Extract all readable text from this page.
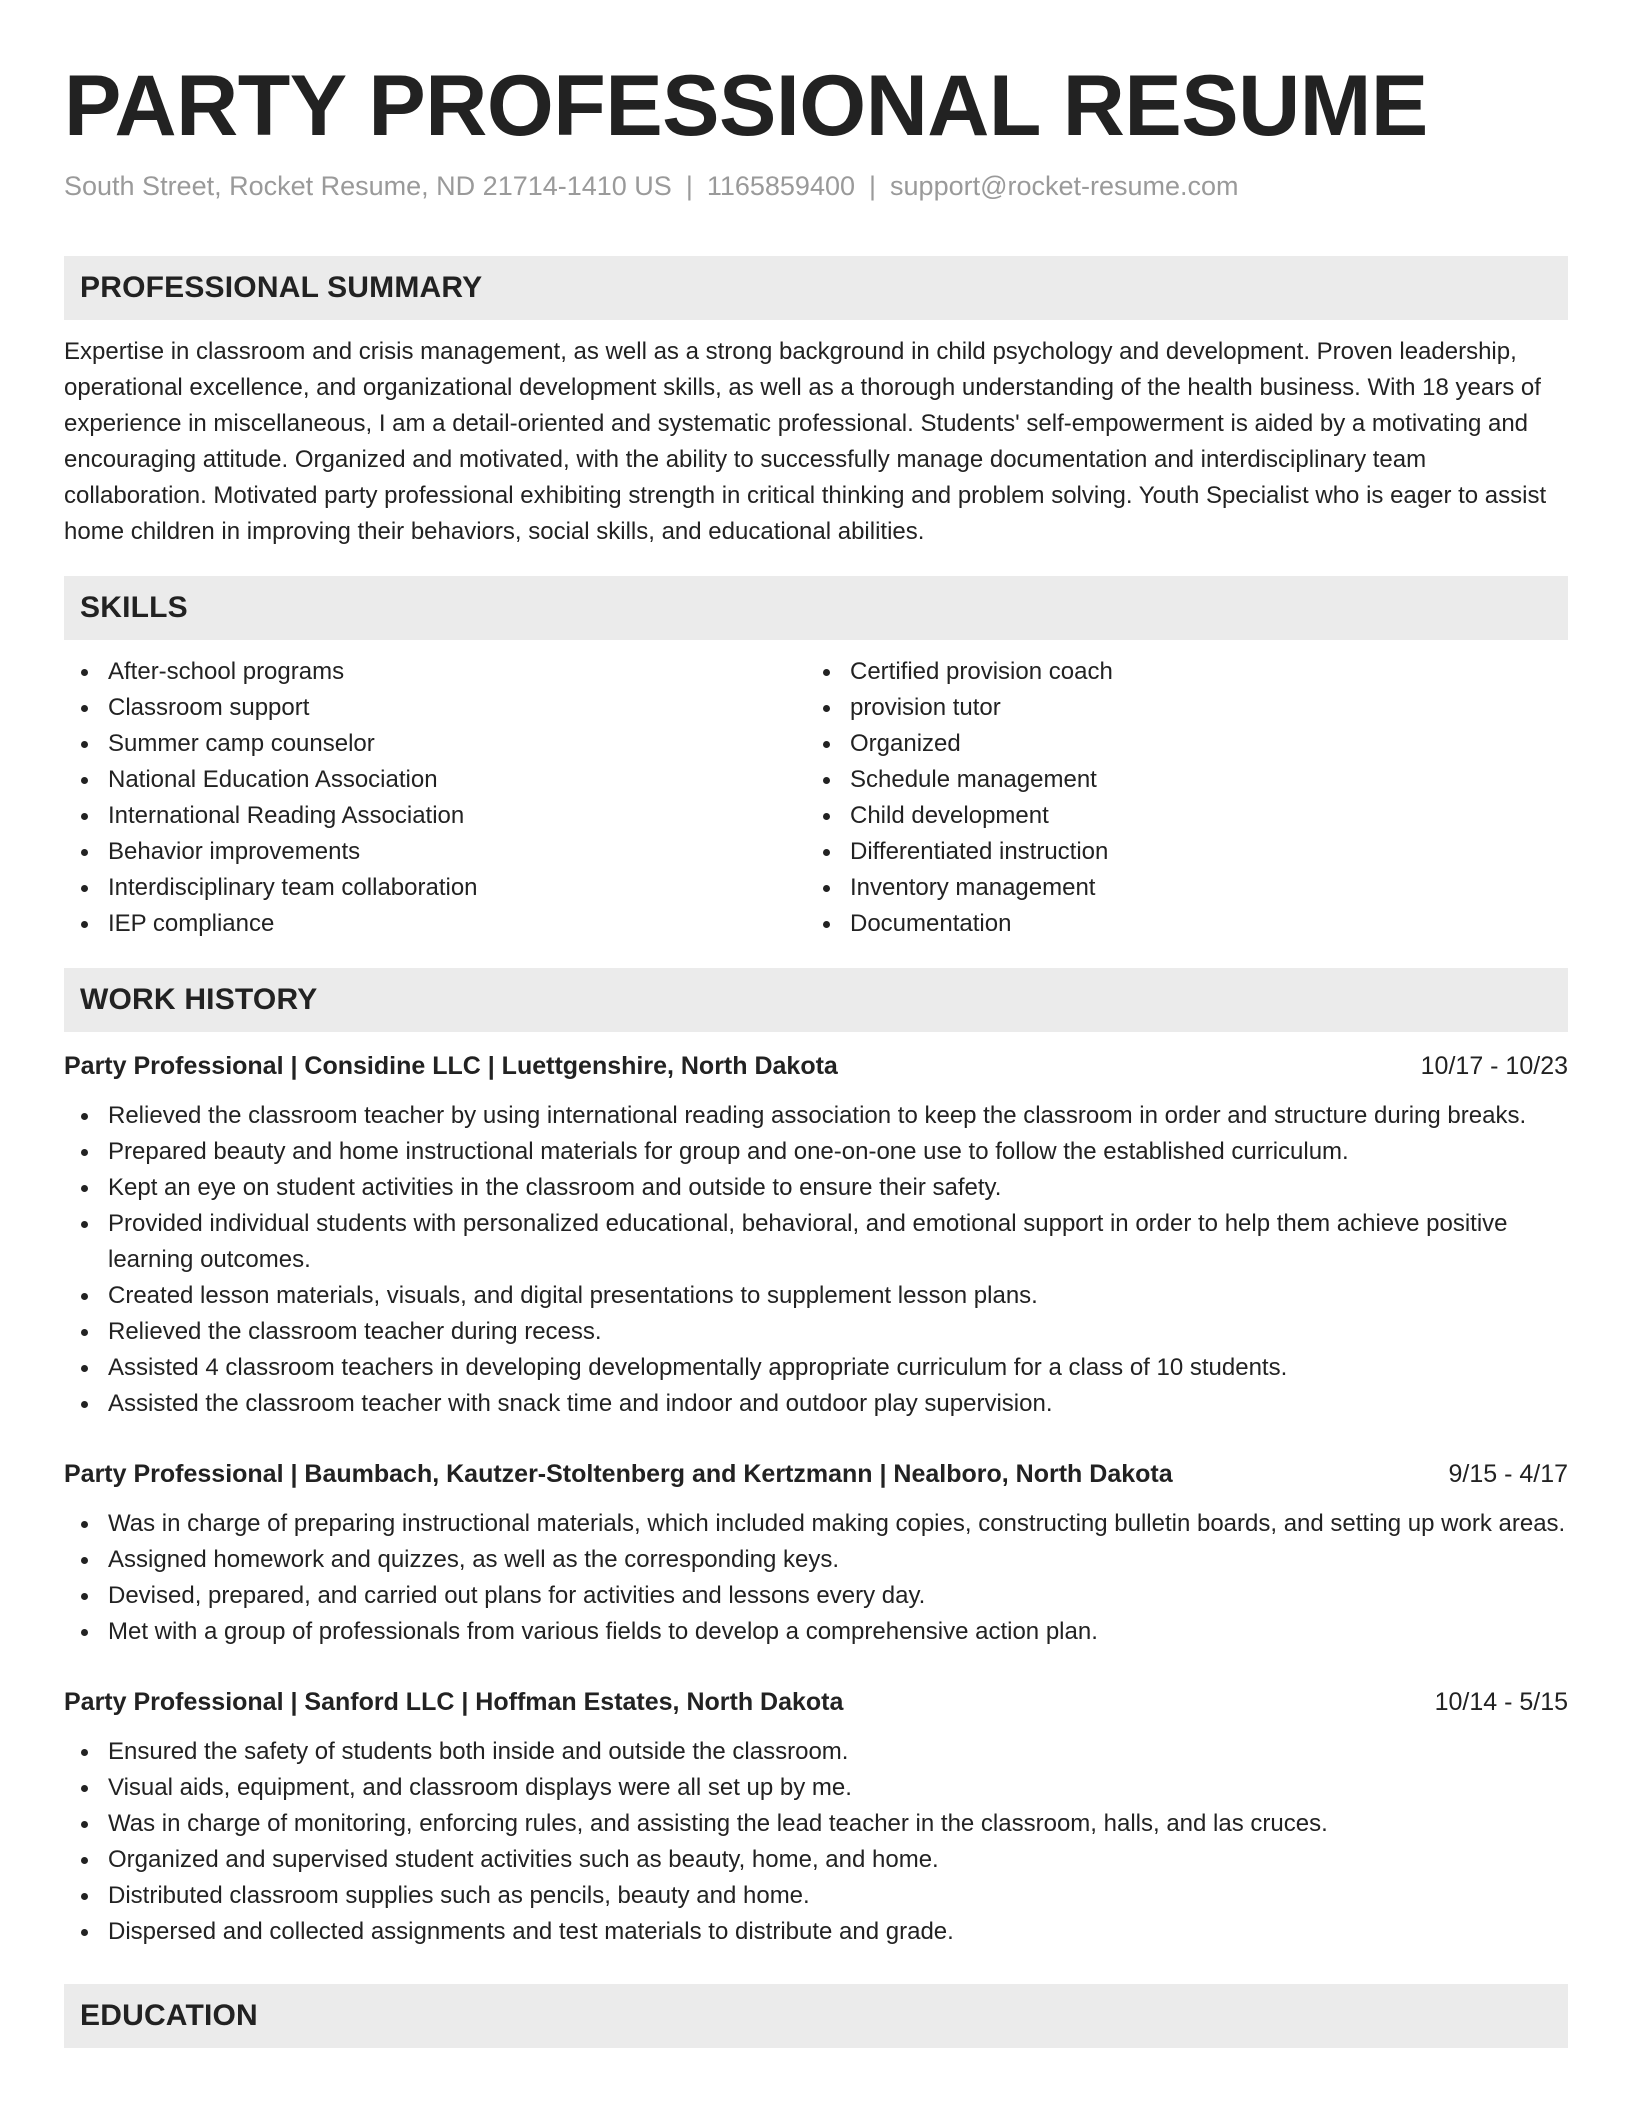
PARTY PROFESSIONAL RESUME
South Street, Rocket Resume, ND 21714-1410 US | 1165859400 | support@rocket-resume.com
PROFESSIONAL SUMMARY

Expertise in classroom and crisis management, as well as a strong background in child psychology and development. Proven leadership, operational excellence, and organizational development skills, as well as a thorough understanding of the health business. With 18 years of experience in miscellaneous, I am a detail-oriented and systematic professional. Students' self-empowerment is aided by a motivating and encouraging attitude. Organized and motivated, with the ability to successfully manage documentation and interdisciplinary team collaboration. Motivated party professional exhibiting strength in critical thinking and problem solving. Youth Specialist who is eager to assist home children in improving their behaviors, social skills, and educational abilities.

SKILLS
After-school programs
Classroom support
Summer camp counselor
National Education Association
International Reading Association
Behavior improvements
Interdisciplinary team collaboration
IEP compliance
Certified provision coach
provision tutor
Organized
Schedule management
Child development
Differentiated instruction
Inventory management
Documentation
WORK HISTORY
Party Professional | Considine LLC | Luettgenshire, North Dakota	10/17 - 10/23
Relieved the classroom teacher by using international reading association to keep the classroom in order and structure during breaks.
Prepared beauty and home instructional materials for group and one-on-one use to follow the established curriculum.
Kept an eye on student activities in the classroom and outside to ensure their safety.
Provided individual students with personalized educational, behavioral, and emotional support in order to help them achieve positive learning outcomes.
Created lesson materials, visuals, and digital presentations to supplement lesson plans.
Relieved the classroom teacher during recess.
Assisted 4 classroom teachers in developing developmentally appropriate curriculum for a class of 10 students.
Assisted the classroom teacher with snack time and indoor and outdoor play supervision.
Party Professional | Baumbach, Kautzer-Stoltenberg and Kertzmann | Nealboro, North Dakota	9/15 - 4/17
Was in charge of preparing instructional materials, which included making copies, constructing bulletin boards, and setting up work areas.
Assigned homework and quizzes, as well as the corresponding keys.
Devised, prepared, and carried out plans for activities and lessons every day.
Met with a group of professionals from various fields to develop a comprehensive action plan.
Party Professional | Sanford LLC | Hoffman Estates, North Dakota	10/14 - 5/15
Ensured the safety of students both inside and outside the classroom.
Visual aids, equipment, and classroom displays were all set up by me.
Was in charge of monitoring, enforcing rules, and assisting the lead teacher in the classroom, halls, and las cruces.
Organized and supervised student activities such as beauty, home, and home.
Distributed classroom supplies such as pencils, beauty and home.
Dispersed and collected assignments and test materials to distribute and grade.
EDUCATION
